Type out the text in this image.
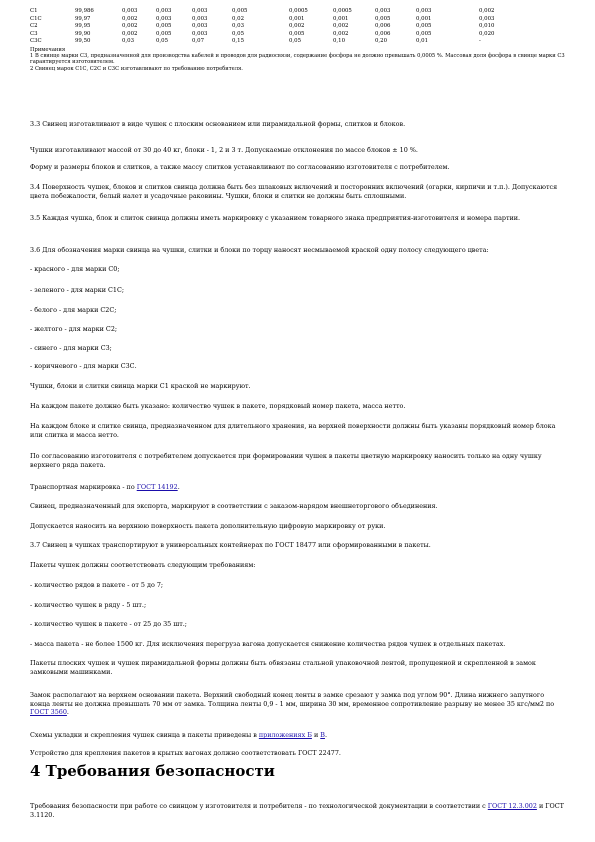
С1	99,986	0,003	0,003	0,003	0,005	0,0005	0,0005	0,003	0,003	0,002	
С1С	99,97	0,002	0,003	0,003	0,02	0,001	0,001	0,005	0,001	0,003	
С2	99,95	0,002	0,005	0,003	0,03	0,002	0,002	0,006	0,005	0,010	
С3	99,90	0,002	0,005	0,003	0,05	0,005	0,002	0,006	0,005	0,020	
С3С	99,50	0,03	0,05	0,07	0,15	0,05	0,10	0,20	0,01	-	
Примечания
1 В свинце марки С3, предназначенной для производства кабелей и проводов для радиосвязи, содержание фосфора не должно превышать 0,0005 %. Массовая доля фосфора в свинце марки С3 гарантируется изготовителем.
2 Свинец марок С1С, С2С и С3С изготавливают по требованию потребителя.

3.3 Свинец изготавливают в виде чушек с плоским основанием или пирамидальной формы, слитков и блоков.

Чушки изготавливают массой от 30 до 40 кг, блоки - 1, 2 и 3 т. Допускаемые отклонения по массе блоков ± 10 %.

Форму и размеры блоков и слитков, а также массу слитков устанавливают по согласованию изготовителя с потребителем.

3.4 Поверхность чушек, блоков и слитков свинца должна быть без шлаковых включений и посторонних включений (огарки, кирпичи и т.п.). Допускаются цвета побежалости, белый налет и усадочные раковины. Чушки, блоки и слитки не должны быть сплошными.

3.5 Каждая чушка, блок и слиток свинца должны иметь маркировку с указанием товарного знака предприятия-изготовителя и номера партии.

3.6 Для обозначения марки свинца на чушки, слитки и блоки по торцу наносят несмываемой краской одну полосу следующего цвета:

- красного - для марки С0;

- зеленого - для марки С1С;

- белого - для марки С2С;

- желтого - для марки С2;

- синего - для марки С3;

- коричневого - для марки С3С.

Чушки, блоки и слитки свинца марки С1 краской не маркируют.

На каждом пакете должно быть указано: количество чушек в пакете, порядковый номер пакета, масса нетто.

На каждом блоке и слитке свинца, предназначенном для длительного хранения, на верхней поверхности должны быть указаны порядковый номер блока или слитка и масса нетто.

По согласованию изготовителя с потребителем допускается при формировании чушек в пакеты цветную маркировку наносить только на одну чушку верхнего ряда пакета.

Транспортная маркировка - по ГОСТ 14192.

Свинец, предназначенный для экспорта, маркируют в соответствии с заказом-нарядом внешнеторгового объединения.

Допускается наносить на верхнюю поверхность пакета дополнительную цифровую маркировку от руки.

3.7 Свинец в чушках транспортируют в универсальных контейнерах по ГОСТ 18477 или сформированными в пакеты.

Пакеты чушек должны соответствовать следующим требованиям:

- количество рядов в пакете - от 5 до 7;

- количество чушек в ряду - 5 шт.;

- количество чушек в пакете - от 25 до 35 шт.;

- масса пакета - не более 1500 кг. Для исключения перегруза вагона допускается снижение количества рядов чушек в отдельных пакетах.

Пакеты плоских чушек и чушек пирамидальной формы должны быть обвязаны стальной упаковочной лентой, пропущенной и скрепленной в замок замковыми машинками.

Замок располагают на верхнем основании пакета. Верхний свободный конец ленты в замке срезают у замка под углом 90°. Длина нижнего запутного конца ленты не должна превышать 70 мм от замка. Толщина ленты 0,9 - 1 мм, ширина 30 мм, временное сопротивление разрыву не менее 35 кгс/мм2 по ГОСТ 3560.

Схемы укладки и скрепления чушек свинца в пакеты приведены в приложениях Б и В.

Устройство для крепления пакетов в крытых вагонах должно соответствовать ГОСТ 22477.

4 Требования безопасности

Требования безопасности при работе со свинцом у изготовителя и потребителя - по технологической документации в соответствии с ГОСТ 12.3.002 и ГОСТ 3.1120.
